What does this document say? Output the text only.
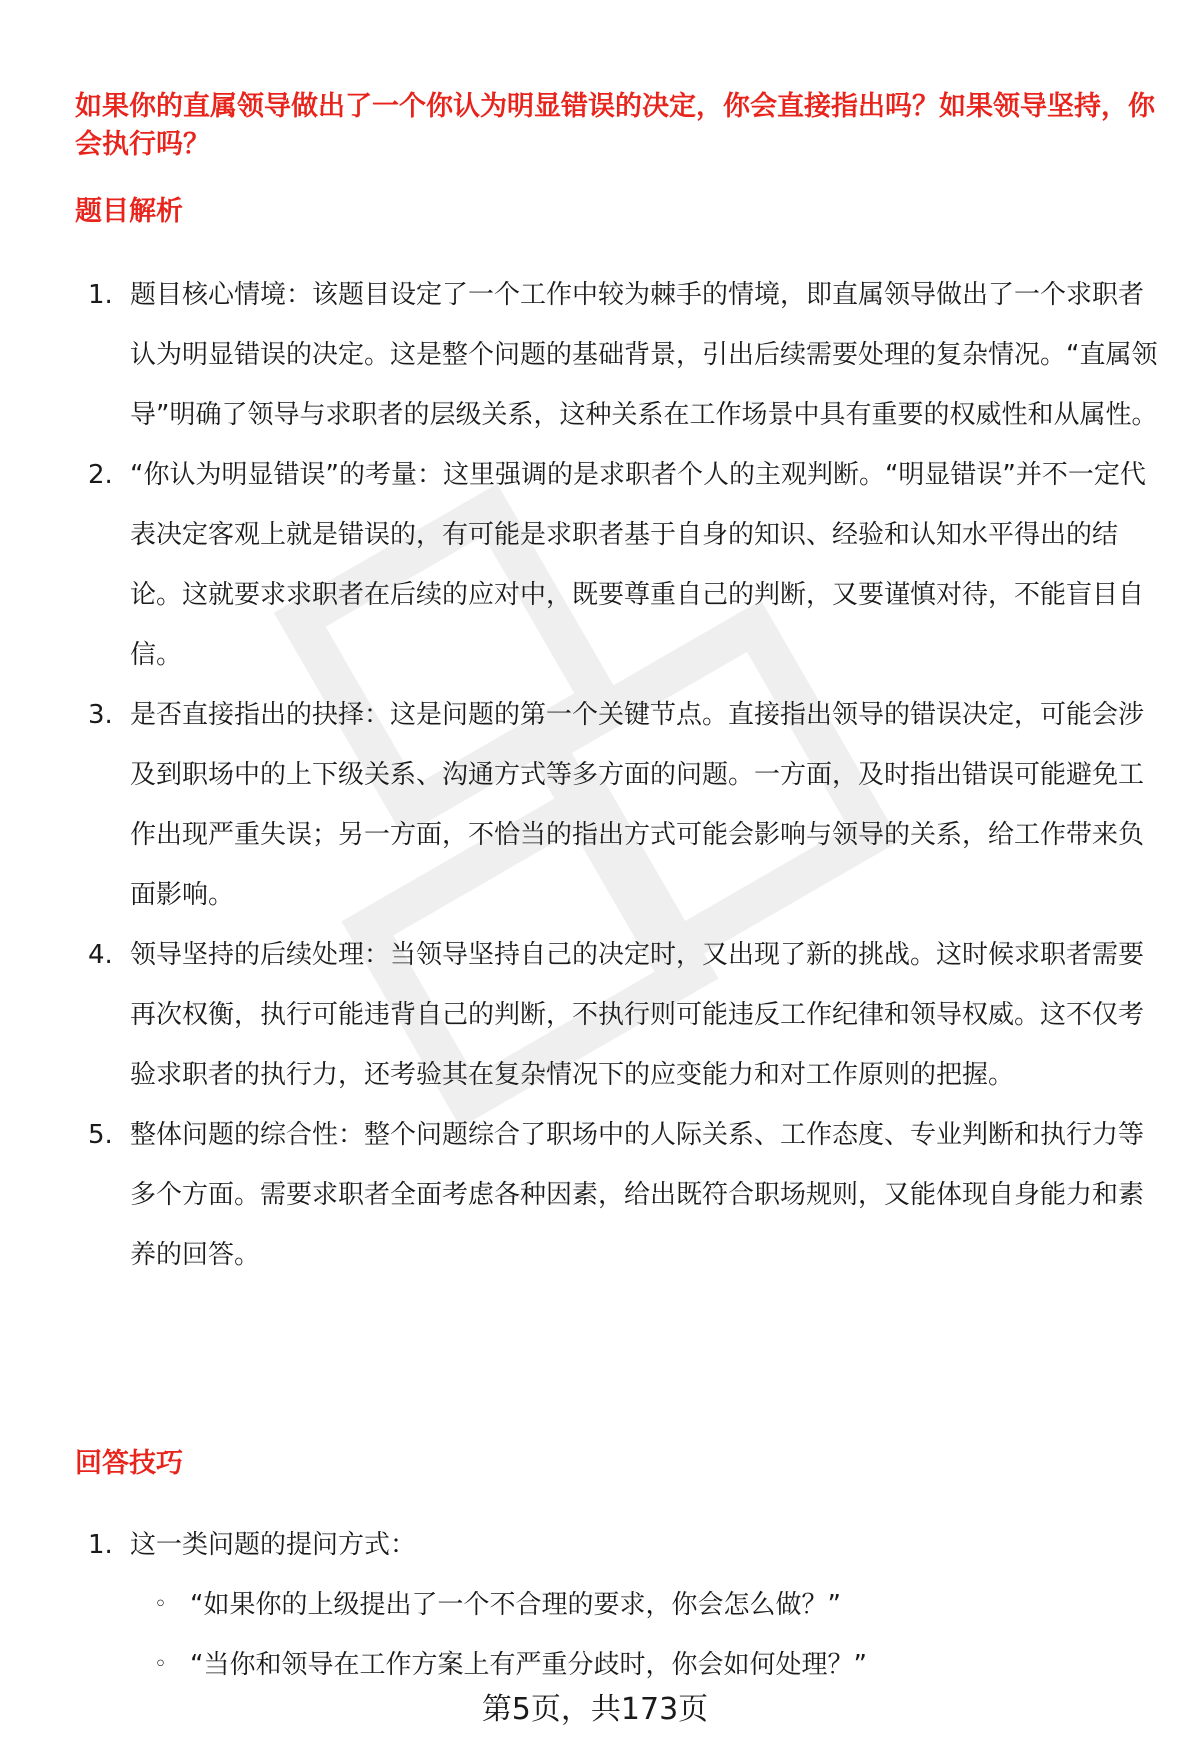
如果你的直属领导做出了一个你认为明显错误的决定，你会直接指出吗？如果领导坚持，你会执行吗？
题目解析
1. 题目核心情境：该题目设定了一个工作中较为棘手的情境，即直属领导做出了一个求职者认为明显错误的决定。这是整个问题的基础背景，引出后续需要处理的复杂情况。“直属领导”明确了领导与求职者的层级关系，这种关系在工作场景中具有重要的权威性和从属性。
2. “你认为明显错误”的考量：这里强调的是求职者个人的主观判断。“明显错误”并不一定代表决定客观上就是错误的，有可能是求职者基于自身的知识、经验和认知水平得出的结论。这就要求求职者在后续的应对中，既要尊重自己的判断，又要谨慎对待，不能盲目自信。
3. 是否直接指出的抉择：这是问题的第一个关键节点。直接指出领导的错误决定，可能会涉及到职场中的上下级关系、沟通方式等多方面的问题。一方面，及时指出错误可能避免工作出现严重失误；另一方面，不恰当的指出方式可能会影响与领导的关系，给工作带来负面影响。
4. 领导坚持的后续处理：当领导坚持自己的决定时，又出现了新的挑战。这时候求职者需要再次权衡，执行可能违背自己的判断，不执行则可能违反工作纪律和领导权威。这不仅考验求职者的执行力，还考验其在复杂情况下的应变能力和对工作原则的把握。
5. 整体问题的综合性：整个问题综合了职场中的人际关系、工作态度、专业判断和执行力等多个方面。需要求职者全面考虑各种因素，给出既符合职场规则，又能体现自身能力和素养的回答。
回答技巧
1. 这一类问题的提问方式：
◦ “如果你的上级提出了一个不合理的要求，你会怎么做？”
◦ “当你和领导在工作方案上有严重分歧时，你会如何处理？”
第5页，共173页
